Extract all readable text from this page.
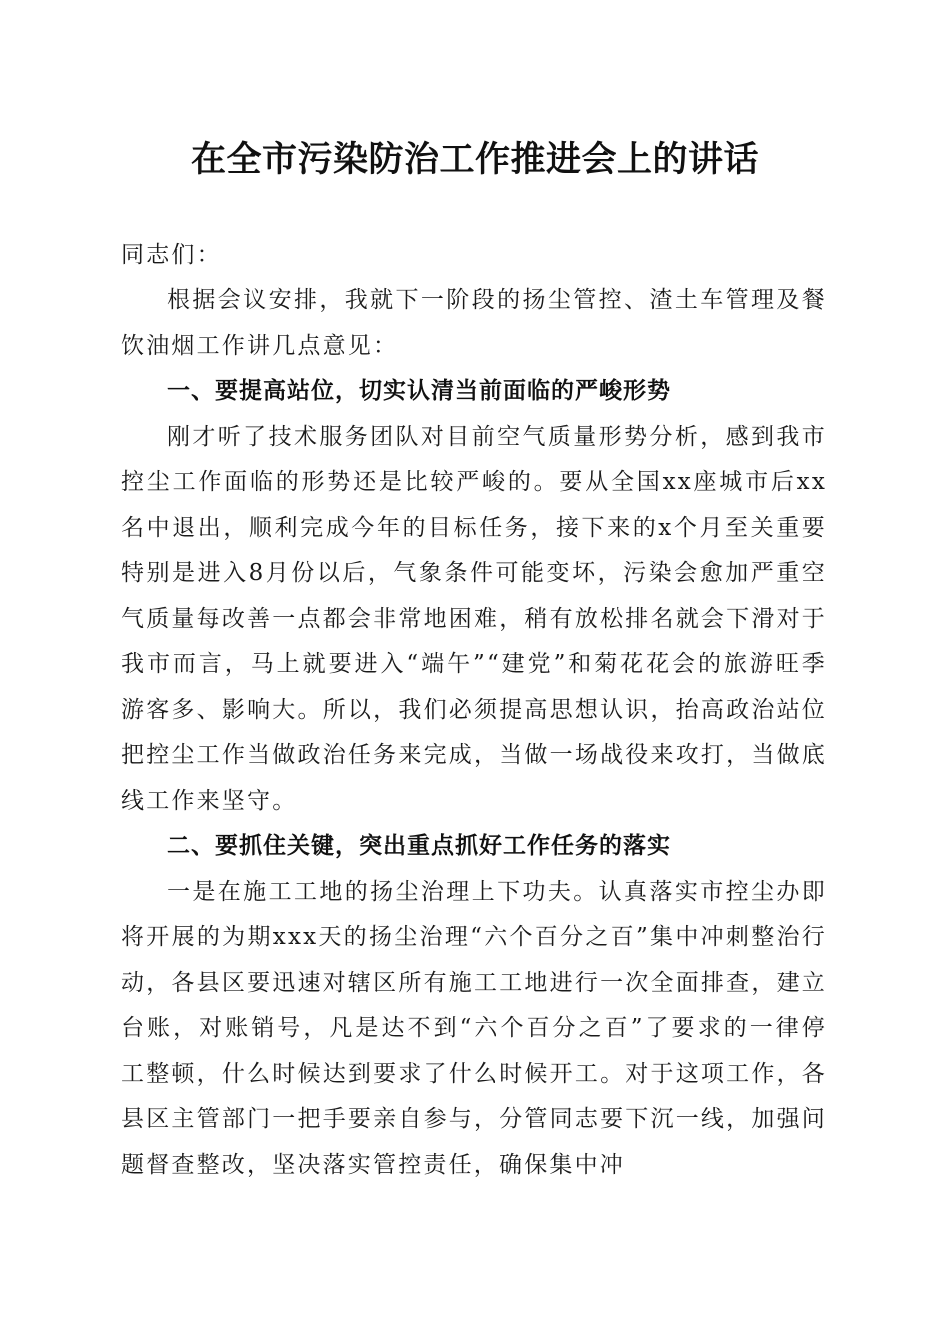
在全市污染防治工作推进会上的讲话
同志们：

根据会议安排，我就下一阶段的扬尘管控、渣土车管理及餐饮油烟工作讲几点意见：

一、要提高站位，切实认清当前面临的严峻形势

刚才听了技术服务团队对目前空气质量形势分析，感到我市控尘工作面临的形势还是比较严峻的。要从全国xx座城市后xx名中退出，顺利完成今年的目标任务，接下来的x个月至关重要特别是进入8月份以后，气象条件可能变坏，污染会愈加严重空气质量每改善一点都会非常地困难，稍有放松排名就会下滑对于我市而言，马上就要进入“端午”“建党”和菊花花会的旅游旺季游客多、影响大。所以，我们必须提高思想认识，抬高政治站位把控尘工作当做政治任务来完成，当做一场战役来攻打，当做底线工作来坚守。

二、要抓住关键，突出重点抓好工作任务的落实

一是在施工工地的扬尘治理上下功夫。认真落实市控尘办即将开展的为期xxx天的扬尘治理“六个百分之百”集中冲刺整治行动，各县区要迅速对辖区所有施工工地进行一次全面排查，建立台账，对账销号，凡是达不到“六个百分之百”了要求的一律停工整顿，什么时候达到要求了什么时候开工。对于这项工作，各县区主管部门一把手要亲自参与，分管同志要下沉一线，加强问题督查整改，坚决落实管控责任，确保集中冲
